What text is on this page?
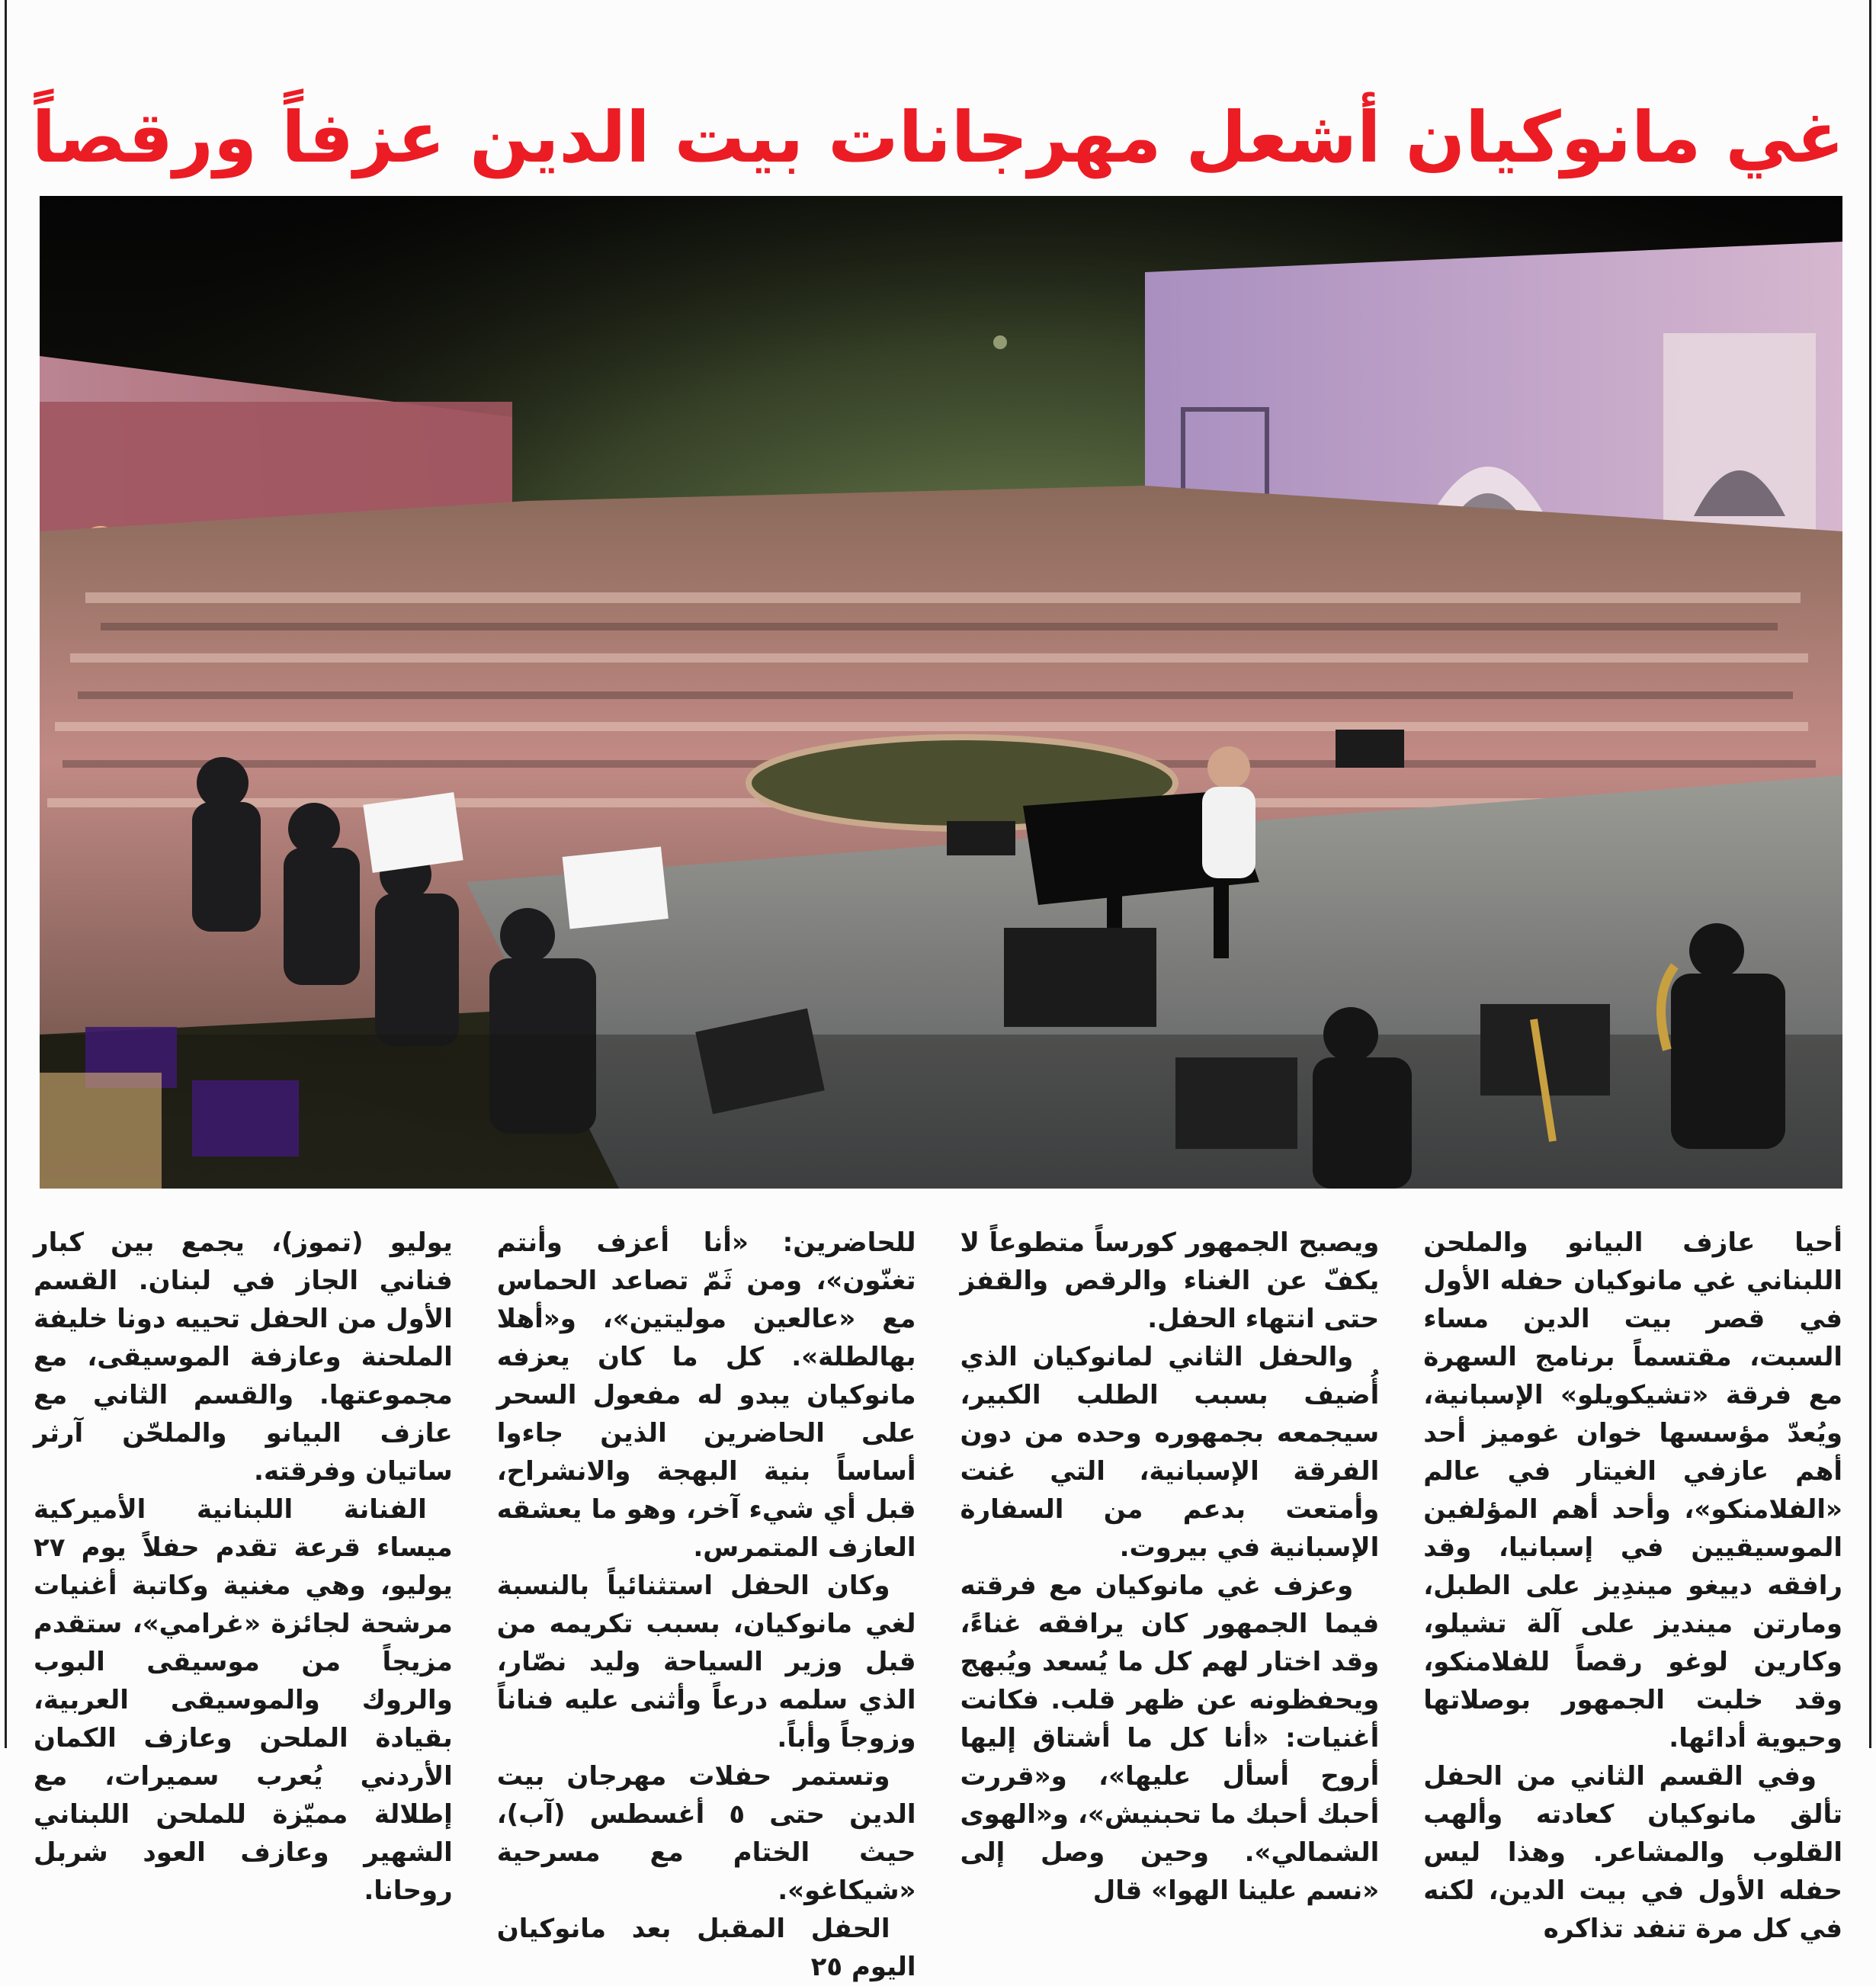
غي مانوكيان أشعل مهرجانات بيت الدين عزفاً ورقصاً

أحيا عازف البيانو والملحن اللبناني غي مانوكيان حفله الأول في قصر بيت الدين مساء السبت، مقتسماً برنامج السهرة مع فرقة «تشيكويلو» الإسبانية، ويُعدّ مؤسسها خوان غوميز أحد أهم عازفي الغيتار في عالم «الفلامنكو»، وأحد أهم المؤلفين الموسيقيين في إسبانيا، وقد رافقه دييغو ميندِيز على الطبل، ومارتن مينديز على آلة تشيلو، وكارين لوغو رقصاً للفلامنكو، وقد خلبت الجمهور بوصلاتها وحيوية أدائها.

وفي القسم الثاني من الحفل تألق مانوكيان كعادته وألهب القلوب والمشاعر. وهذا ليس حفله الأول في بيت الدين، لكنه في كل مرة تنفد تذاكره

ويصبح الجمهور كورساً متطوعاً لا يكفّ عن الغناء والرقص والقفز حتى انتهاء الحفل.

والحفل الثاني لمانوكيان الذي أُضيف بسبب الطلب الكبير، سيجمعه بجمهوره وحده من دون الفرقة الإسبانية، التي غنت وأمتعت بدعم من السفارة الإسبانية في بيروت.

وعزف غي مانوكيان مع فرقته فيما الجمهور كان يرافقه غناءً، وقد اختار لهم كل ما يُسعد ويُبهج ويحفظونه عن ظهر قلب. فكانت أغنيات: «أنا كل ما أشتاق إليها أروح أسأل عليها»، و«قررت أحبك أحبك ما تحبنيش»، و«الهوى الشمالي». وحين وصل إلى «نسم علينا الهوا» قال

للحاضرين: «أنا أعزف وأنتم تغنّون»، ومن ثَمّ تصاعد الحماس مع «عالعين موليتين»، و«أهلا بهالطلة». كل ما كان يعزفه مانوكيان يبدو له مفعول السحر على الحاضرين الذين جاءوا أساساً بنية البهجة والانشراح، قبل أي شيء آخر، وهو ما يعشقه العازف المتمرس.

وكان الحفل استثنائياً بالنسبة لغي مانوكيان، بسبب تكريمه من قبل وزير السياحة وليد نصّار، الذي سلمه درعاً وأثنى عليه فناناً وزوجاً وأباً.

وتستمر حفلات مهرجان بيت الدين حتى ٥ أغسطس (آب)، حيث الختام مع مسرحية «شيكاغو».

الحفل المقبل بعد مانوكيان اليوم ٢٥

يوليو (تموز)، يجمع بين كبار فناني الجاز في لبنان. القسم الأول من الحفل تحييه دونا خليفة الملحنة وعازفة الموسيقى، مع مجموعتها. والقسم الثاني مع عازف البيانو والملحّن آرثر ساتيان وفرقته.

الفنانة اللبنانية الأميركية ميساء قرعة تقدم حفلاً يوم ٢٧ يوليو، وهي مغنية وكاتبة أغنيات مرشحة لجائزة «غرامي»، ستقدم مزيجاً من موسيقى البوب والروك والموسيقى العربية، بقيادة الملحن وعازف الكمان الأردني يُعرب سميرات، مع إطلالة مميّزة للملحن اللبناني الشهير وعازف العود شربل روحانا.
